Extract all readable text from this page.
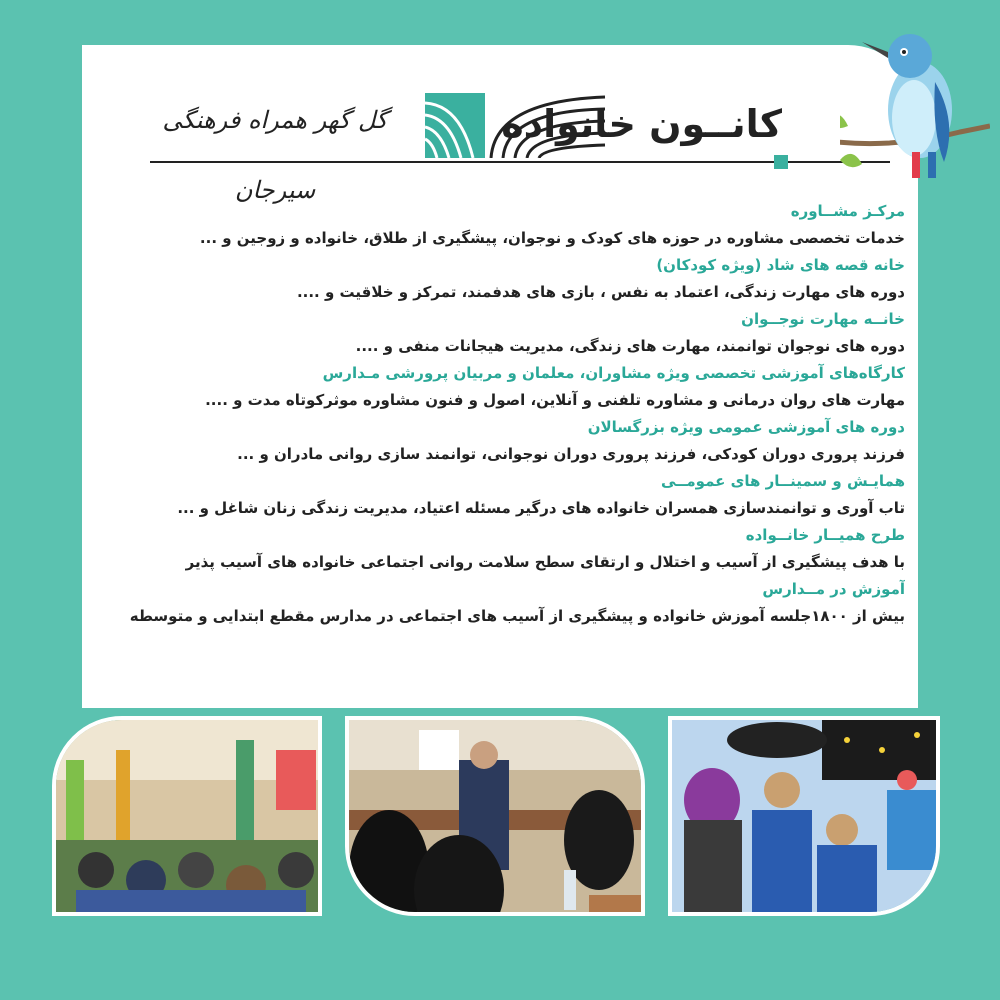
گل گهر همراه فرهنگی سیرجان
کانــون خانواده
مرکـز مشــاوره
خدمات تخصصی مشاوره در حوزه های کودک و نوجوان، پیشگیری از طلاق، خانواده و زوجین و ...
خانه قصه های شاد (ویژه کودکان)
دوره های مهارت زندگی، اعتماد به نفس ، بازی های هدفمند، تمرکز و خلاقیت و ....
خانــه مهارت نوجــوان
دوره های نوجوان توانمند، مهارت های زندگی، مدیریت هیجانات منفی و ....
کارگاه‌های آموزشی تخصصی ویژه مشاوران، معلمان و مربیان پرورشی مـدارس
مهارت های روان درمانی و مشاوره تلفنی و آنلاین، اصول و فنون مشاوره موثرکوتاه مدت و ....
دوره های آموزشی عمومی ویژه بزرگسالان
فرزند پروری دوران کودکی، فرزند پروری دوران نوجوانی، توانمند سازی روانی مادران و ...
همایـش و سمینــار های عمومــی
تاب آوری و توانمندسازی همسران خانواده های درگیر مسئله اعتیاد، مدیریت زندگی زنان شاغل و ...
طرح همیــار خانــواده
با هدف پیشگیری از آسیب و اختلال و ارتقای سطح سلامت روانی اجتماعی خانواده های آسیب پذیر
آموزش در مــدارس
بیش از ۱۸۰۰جلسه آموزش خانواده و پیشگیری از آسیب های اجتماعی در مدارس مقطع ابتدایی و متوسطه
